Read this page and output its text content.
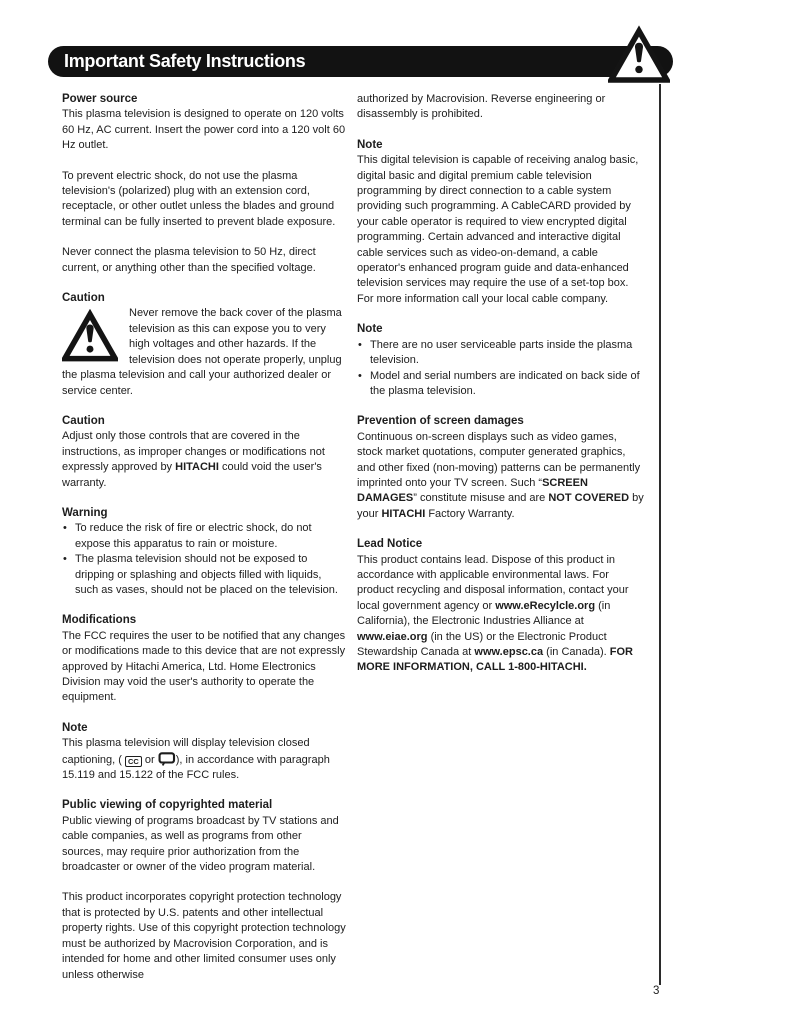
Important Safety Instructions
Power source

This plasma television is designed to operate on 120 volts 60 Hz, AC current. Insert the power cord into a 120 volt 60 Hz outlet.

To prevent electric shock, do not use the plasma television's (polarized) plug with an extension cord, receptacle, or other outlet unless the blades and ground terminal can be fully inserted to prevent blade exposure.

Never connect the plasma television to 50 Hz, direct current, or anything other than the specified voltage.

Caution

Never remove the back cover of the plasma television as this can expose you to very high voltages and other hazards. If the television does not operate properly, unplug the plasma television and call your authorized dealer or service center.

Caution

Adjust only those controls that are covered in the instructions, as improper changes or modifications not expressly approved by HITACHI could void the user's warranty.

Warning
• To reduce the risk of fire or electric shock, do not expose this apparatus to rain or moisture.
• The plasma television should not be exposed to dripping or splashing and objects filled with liquids, such as vases, should not be placed on the television.
Modifications

The FCC requires the user to be notified that any changes or modifications made to this device that are not expressly approved by Hitachi America, Ltd. Home Electronics Division may void the user's authority to operate the equipment.

Note

This plasma television will display television closed captioning, ( CC or
), in accordance with paragraph 15.119 and 15.122 of the FCC rules.

Public viewing of copyrighted material

Public viewing of programs broadcast by TV stations and cable companies, as well as programs from other sources, may require prior authorization from the broadcaster or owner of the video program material.

This product incorporates copyright protection technology that is protected by U.S. patents and other intellectual property rights. Use of this copyright protection technology must be authorized by Macrovision Corporation, and is intended for home and other limited consumer uses only unless otherwise

authorized by Macrovision. Reverse engineering or disassembly is prohibited.

Note

This digital television is capable of receiving analog basic, digital basic and digital premium cable television programming by direct connection to a cable system providing such programming. A CableCARD provided by your cable operator is required to view encrypted digital programming. Certain advanced and interactive digital cable services such as video-on-demand, a cable operator's enhanced program guide and data-enhanced television services may require the use of a set-top box. For more information call your local cable company.

Note
• There are no user serviceable parts inside the plasma television.
• Model and serial numbers are indicated on back side of the plasma television.
Prevention of screen damages

Continuous on-screen displays such as video games, stock market quotations, computer generated graphics, and other fixed (non-moving) patterns can be permanently imprinted onto your TV screen. Such “SCREEN DAMAGES” constitute misuse and are NOT COVERED by your HITACHI Factory Warranty.

Lead Notice

This product contains lead. Dispose of this product in accordance with applicable environmental laws. For product recycling and disposal information, contact your local government agency or www.eRecylcle.org (in California), the Electronic Industries Alliance at www.eiae.org (in the US) or the Electronic Product Stewardship Canada at www.epsc.ca (in Canada). FOR MORE INFORMATION, CALL 1-800-HITACHI.

3
